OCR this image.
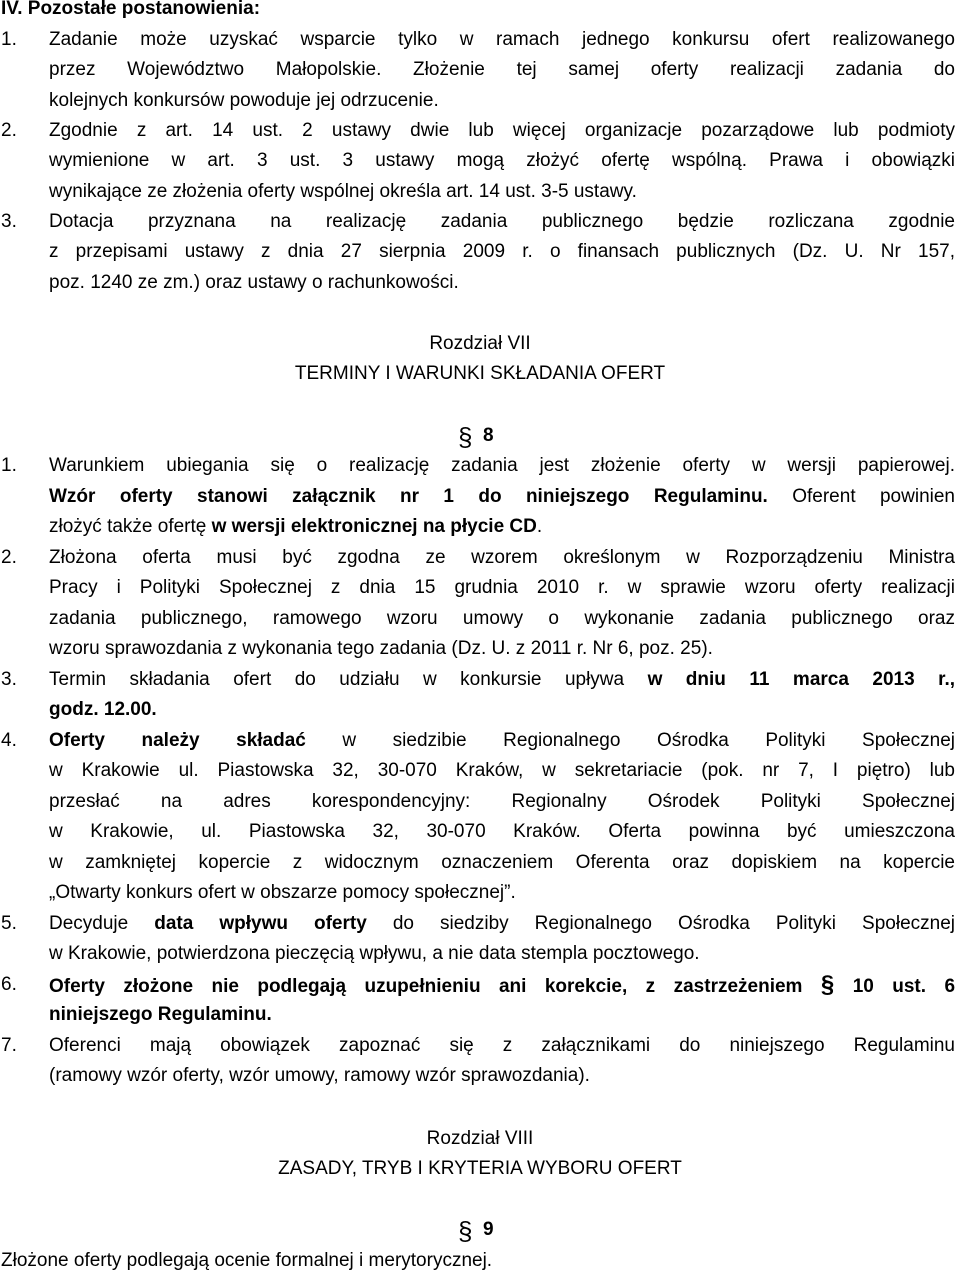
IV. Pozostałe postanowienia:
1. Zadanie może uzyskać wsparcie tylko w ramach jednego konkursu ofert realizowanego
przez Województwo Małopolskie. Złożenie tej samej oferty realizacji zadania do
kolejnych konkursów powoduje jej odrzucenie.
2. Zgodnie z art. 14 ust. 2 ustawy dwie lub więcej organizacje pozarządowe lub podmioty
wymienione w art. 3 ust. 3 ustawy mogą złożyć ofertę wspólną. Prawa i obowiązki
wynikające ze złożenia oferty wspólnej określa art. 14 ust. 3-5 ustawy.
3. Dotacja przyznana na realizację zadania publicznego będzie rozliczana zgodnie
z przepisami ustawy z dnia 27 sierpnia 2009 r. o finansach publicznych (Dz. U. Nr 157,
poz. 1240 ze zm.) oraz ustawy o rachunkowości.
Rozdział VII
TERMINY I WARUNKI SKŁADANIA OFERT
§ 8
1. Warunkiem ubiegania się o realizację zadania jest złożenie oferty w wersji papierowej.
Wzór oferty stanowi załącznik nr 1 do niniejszego Regulaminu. Oferent powinien
złożyć także ofertę w wersji elektronicznej na płycie CD.
2. Złożona oferta musi być zgodna ze wzorem określonym w Rozporządzeniu Ministra
Pracy i Polityki Społecznej z dnia 15 grudnia 2010 r. w sprawie wzoru oferty realizacji
zadania publicznego, ramowego wzoru umowy o wykonanie zadania publicznego oraz
wzoru sprawozdania z wykonania tego zadania (Dz. U. z 2011 r. Nr 6, poz. 25).
3. Termin składania ofert do udziału w konkursie upływa w dniu 11 marca 2013 r.,
godz. 12.00.
4. Oferty należy składać w siedzibie Regionalnego Ośrodka Polityki Społecznej
w Krakowie ul. Piastowska 32, 30-070 Kraków, w sekretariacie (pok. nr 7, I piętro) lub
przesłać na adres korespondencyjny: Regionalny Ośrodek Polityki Społecznej
w Krakowie, ul. Piastowska 32, 30-070 Kraków. Oferta powinna być umieszczona
w zamkniętej kopercie z widocznym oznaczeniem Oferenta oraz dopiskiem na kopercie
„Otwarty konkurs ofert w obszarze pomocy społecznej”.
5. Decyduje data wpływu oferty do siedziby Regionalnego Ośrodka Polityki Społecznej
w Krakowie, potwierdzona pieczęcią wpływu, a nie data stempla pocztowego.
6. Oferty złożone nie podlegają uzupełnieniu ani korekcie, z zastrzeżeniem § 10 ust. 6
niniejszego Regulaminu.
7. Oferenci mają obowiązek zapoznać się z załącznikami do niniejszego Regulaminu
(ramowy wzór oferty, wzór umowy, ramowy wzór sprawozdania).
Rozdział VIII
ZASADY, TRYB I KRYTERIA WYBORU OFERT
§ 9
Złożone oferty podlegają ocenie formalnej i merytorycznej.
